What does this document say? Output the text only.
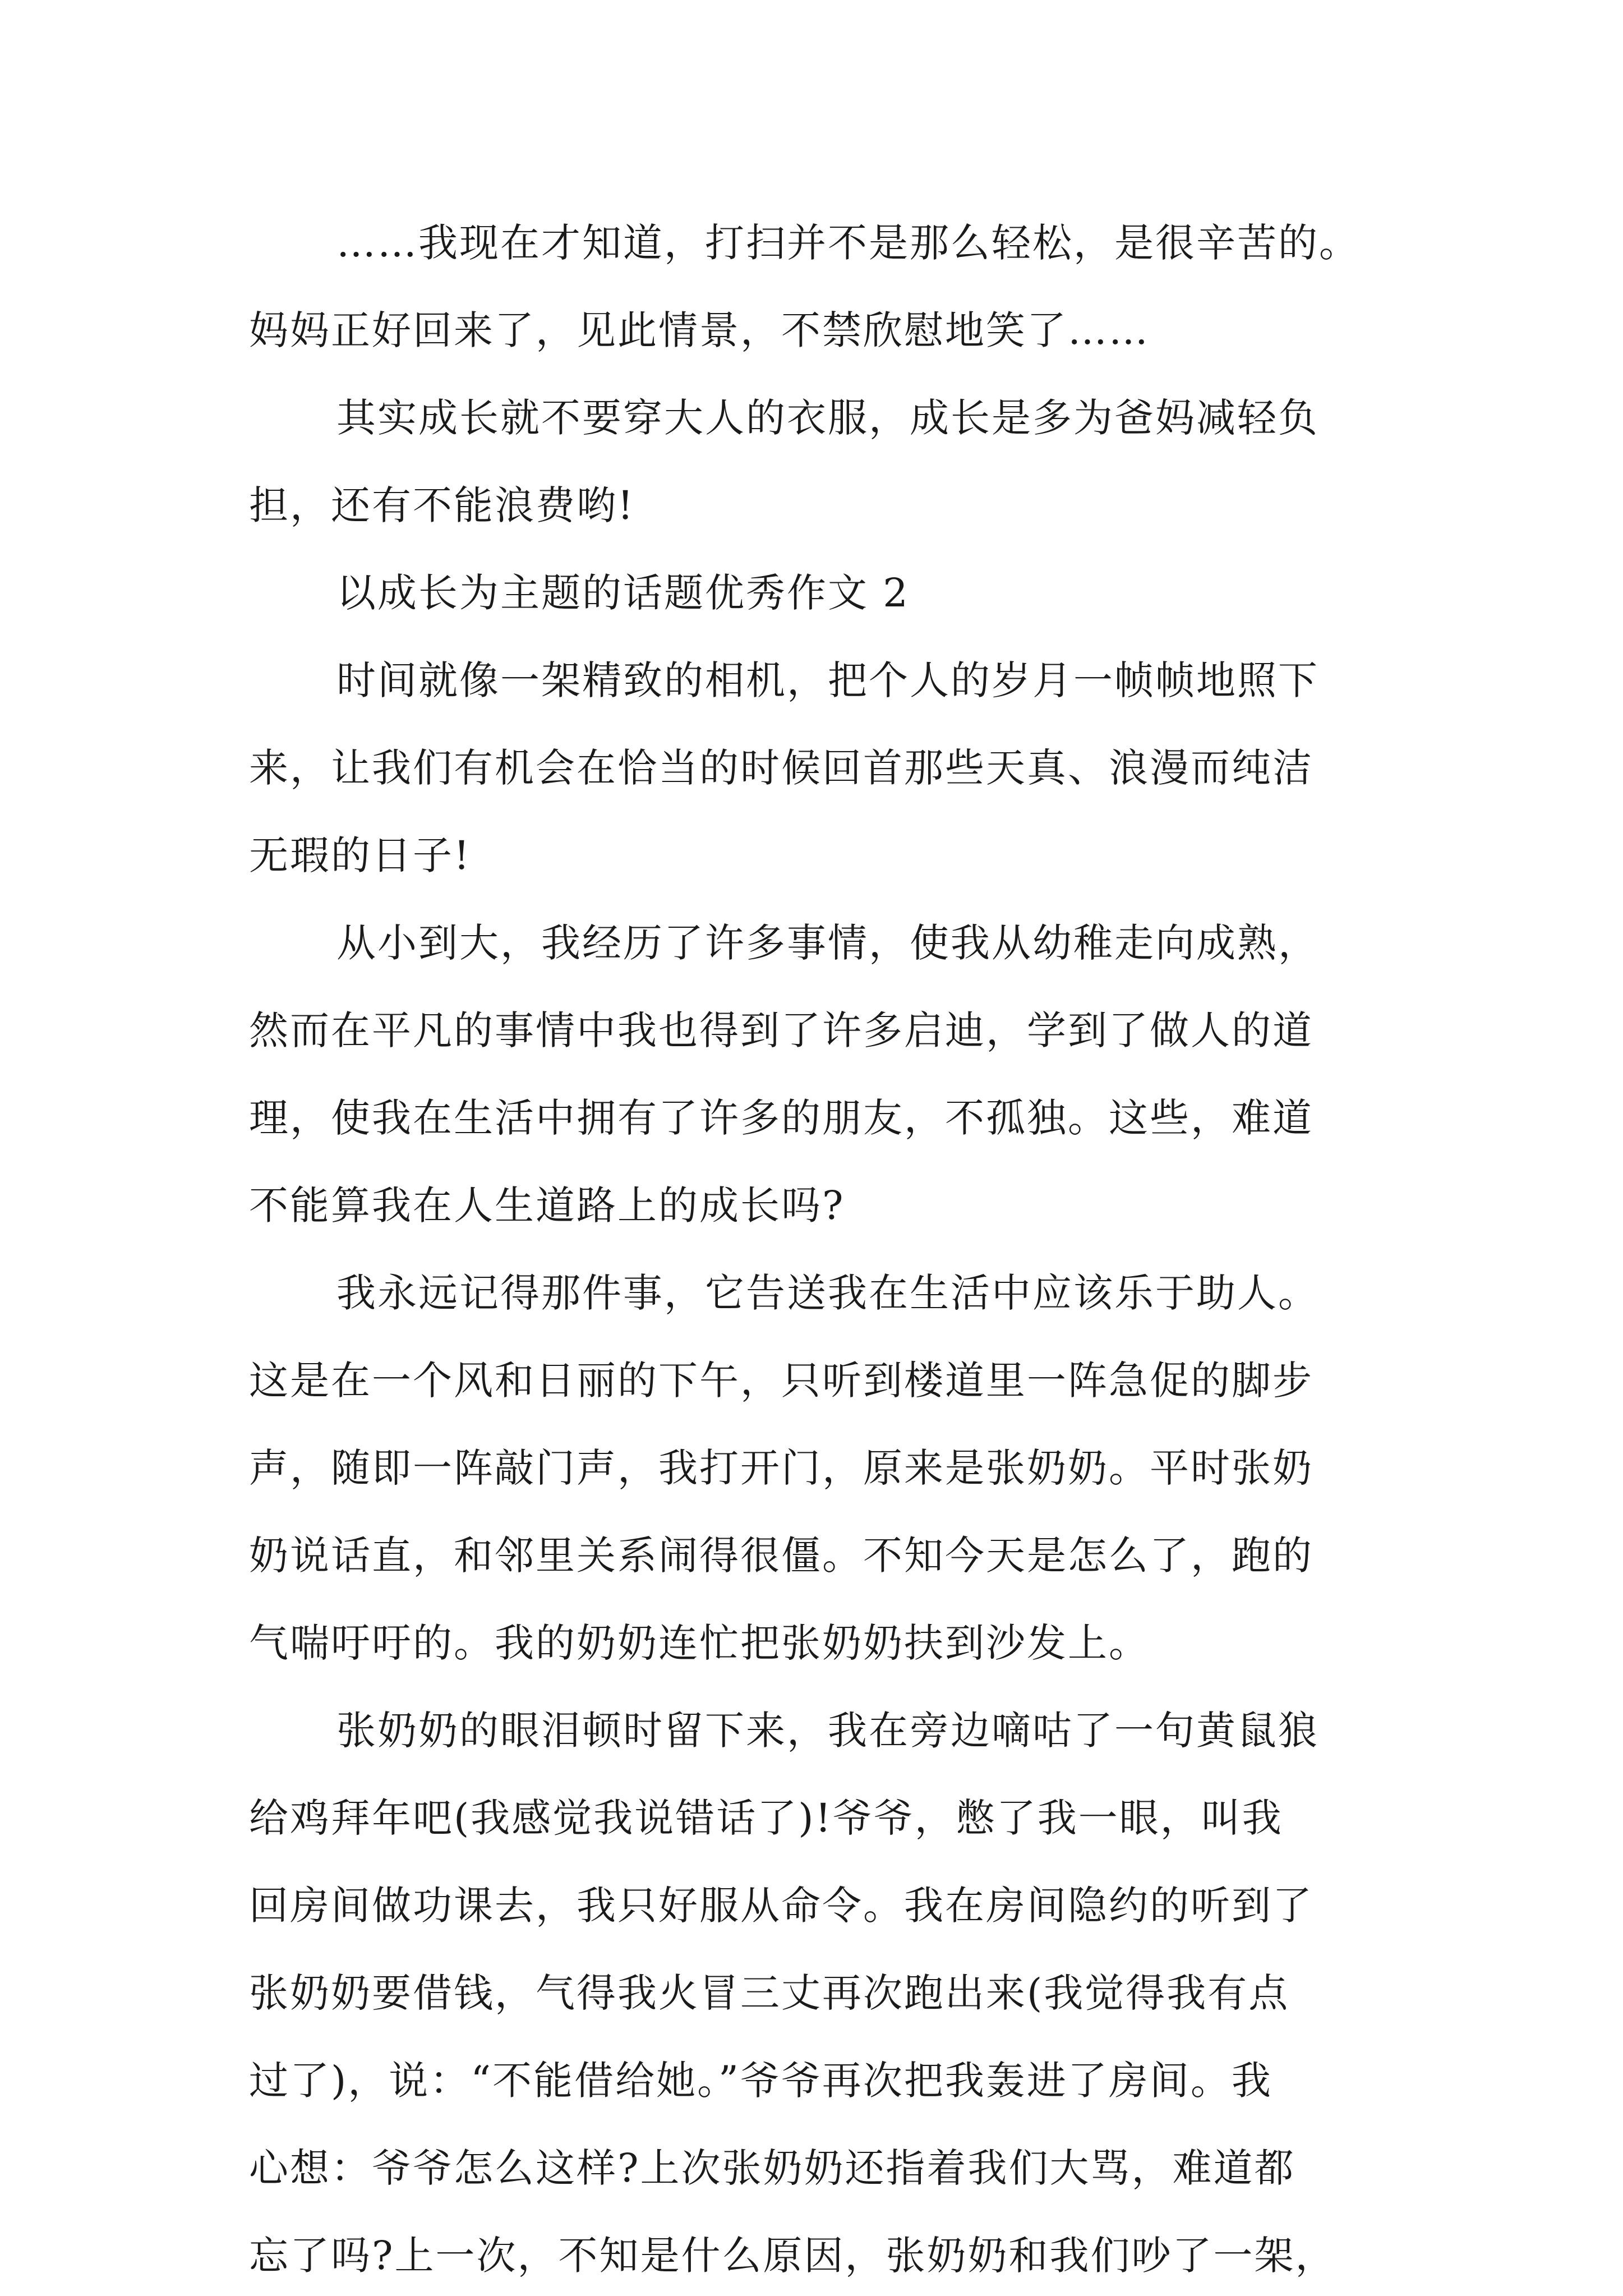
……我现在才知道，打扫并不是那么轻松，是很辛苦的。
妈妈正好回来了，见此情景，不禁欣慰地笑了……
其实成长就不要穿大人的衣服，成长是多为爸妈减轻负
担，还有不能浪费哟!
以成长为主题的话题优秀作文 2
时间就像一架精致的相机，把个人的岁月一帧帧地照下
来，让我们有机会在恰当的时候回首那些天真、浪漫而纯洁
无瑕的日子!
从小到大，我经历了许多事情，使我从幼稚走向成熟，
然而在平凡的事情中我也得到了许多启迪，学到了做人的道
理，使我在生活中拥有了许多的朋友，不孤独。这些，难道
不能算我在人生道路上的成长吗?
我永远记得那件事，它告送我在生活中应该乐于助人。
这是在一个风和日丽的下午，只听到楼道里一阵急促的脚步
声，随即一阵敲门声，我打开门，原来是张奶奶。平时张奶
奶说话直，和邻里关系闹得很僵。不知今天是怎么了，跑的
气喘吁吁的。我的奶奶连忙把张奶奶扶到沙发上。
张奶奶的眼泪顿时留下来，我在旁边嘀咕了一句黄鼠狼
给鸡拜年吧(我感觉我说错话了)!爷爷，憋了我一眼，叫我
回房间做功课去，我只好服从命令。我在房间隐约的听到了
张奶奶要借钱，气得我火冒三丈再次跑出来(我觉得我有点
过了)，说：“不能借给她。”爷爷再次把我轰进了房间。我
心想：爷爷怎么这样?上次张奶奶还指着我们大骂，难道都
忘了吗?上一次，不知是什么原因，张奶奶和我们吵了一架，
